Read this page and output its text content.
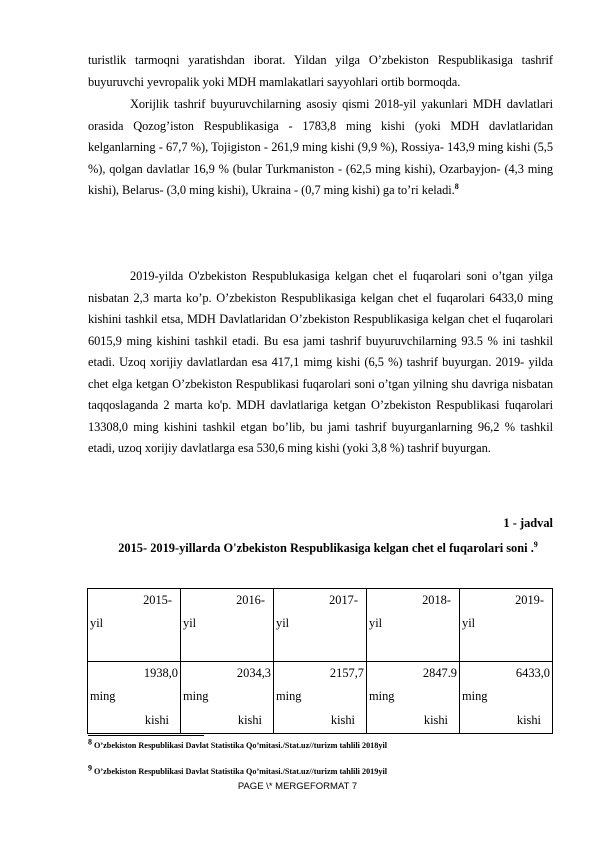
turistlik tarmoqni yaratishdan iborat. Yildan yilga O’zbekiston Respublikasiga tashrif buyuruvchi yevropalik yoki MDH mamlakatlari sayyohlari ortib bormoqda.
Xorijlik tashrif buyuruvchilarning asosiy qismi 2018-yil yakunlari MDH davlatlari orasida Qozog’iston Respublikasiga - 1783,8 ming kishi (yoki MDH davlatlaridan kelganlarning - 67,7 %), Tojigiston - 261,9 ming kishi (9,9 %), Rossiya- 143,9 ming kishi (5,5 %), qolgan davlatlar 16,9 % (bular Turkmaniston - (62,5 ming kishi), Ozarbayjon- (4,3 ming kishi), Belarus- (3,0 ming kishi), Ukraina - (0,7 ming kishi) ga to’ri keladi.$^8$
2019-yilda O'zbekiston Respublukasiga kelgan chet el fuqarolari soni o’tgan yilga nisbatan 2,3 marta ko’p. O’zbekiston Respublikasiga kelgan chet el fuqarolari 6433,0 ming kishini tashkil etsa, MDH Davlatlaridan O’zbekiston Respublikasiga kelgan chet el fuqarolari 6015,9 ming kishini tashkil etadi. Bu esa jami tashrif buyuruvchilarning 93.5 % ini tashkil etadi. Uzoq xorijiy davlatlardan esa 417,1 mimg kishi (6,5 %) tashrif buyurgan. 2019- yilda chet elga ketgan O’zbekiston Respublikasi fuqarolari soni o’tgan yilning shu davriga nisbatan taqqoslaganda 2 marta ko'p. MDH davlatlariga ketgan O’zbekiston Respublikasi fuqarolari 13308,0 ming kishini tashkil etgan bo’lib, bu jami tashrif buyurganlarning 96,2 % tashkil etadi, uzoq xorijiy davlatlarga esa 530,6 ming kishi (yoki 3,8 %) tashrif buyurgan.
1 - jadval
2015- 2019-yillarda O'zbekiston Respublikasiga kelgan chet el fuqarolari soni .$^9$
2015-
yil	2016-
yil	2017-
yil	2018-
yil	2019-
yil

1938,0
ming
kishi	2034,3
ming
kishi	2157,7
ming
kishi	2847.9
ming
kishi	6433,0
ming
kishi
$^8$ O’zbekiston Respublikasi Davlat Statistika Qo’mitasi./Stat.uz//turizm tahlili 2018yil
$^9$ O’zbekiston Respublikasi Davlat Statistika Qo’mitasi./Stat.uz//turizm tahlili 2019yil
PAGE \* MERGEFORMAT 7
